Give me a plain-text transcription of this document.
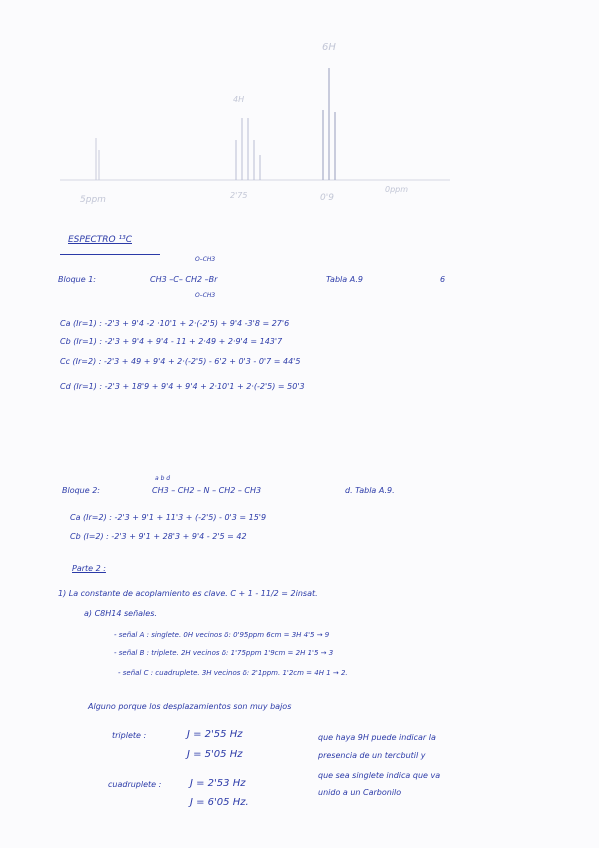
4H
6H
5ppm	2'75	0'9
0ppm
ESPECTRO ¹³C
O–CH3
Bloque 1:	CH3 –C– CH2 –Br	Tabla A.9	6
O–CH3
Ca (Ir=1) : -2'3 + 9'4 -2 ·10'1 + 2·(-2'5) + 9'4 -3'8 = 27'6
Cb (Ir=1) : -2'3 + 9'4 + 9'4 - 11 + 2·49 + 2·9'4 = 143'7
Cc (Ir=2) : -2'3 + 49 + 9'4 + 2·(-2'5) - 6'2 + 0'3 - 0'7 = 44'5
Cd (Ir=1) : -2'3 + 18'9 + 9'4 + 9'4 + 2·10'1 + 2·(-2'5) = 50'3
a b d
Bloque 2:	CH3 – CH2 – N – CH2 – CH3	d. Tabla A.9.
Ca (Ir=2) : -2'3 + 9'1 + 11'3 + (-2'5) - 0'3 = 15'9
Cb (I=2) : -2'3 + 9'1 + 28'3 + 9'4 - 2'5 = 42
Parte 2 :
1) La constante de acoplamiento es clave. C + 1 - 11/2 = 2insat.
a) C8H14 señales.
- señal A : singlete. 0H vecinos δ: 0'95ppm 6cm = 3H 4'5 → 9
- señal B : triplete. 2H vecinos δ: 1'75ppm 1'9cm = 2H 1'5 → 3
- señal C : cuadruplete. 3H vecinos δ: 2'1ppm. 1'2cm = 4H 1 → 2.
Alguno porque los desplazamientos son muy bajos
triplete :	J = 2'55 Hz
J = 5'05 Hz
cuadruplete :	J = 2'53 Hz
J = 6'05 Hz.
que haya 9H puede indicar la
presencia de un tercbutil y
que sea singlete indica que va
unido a un Carbonilo
